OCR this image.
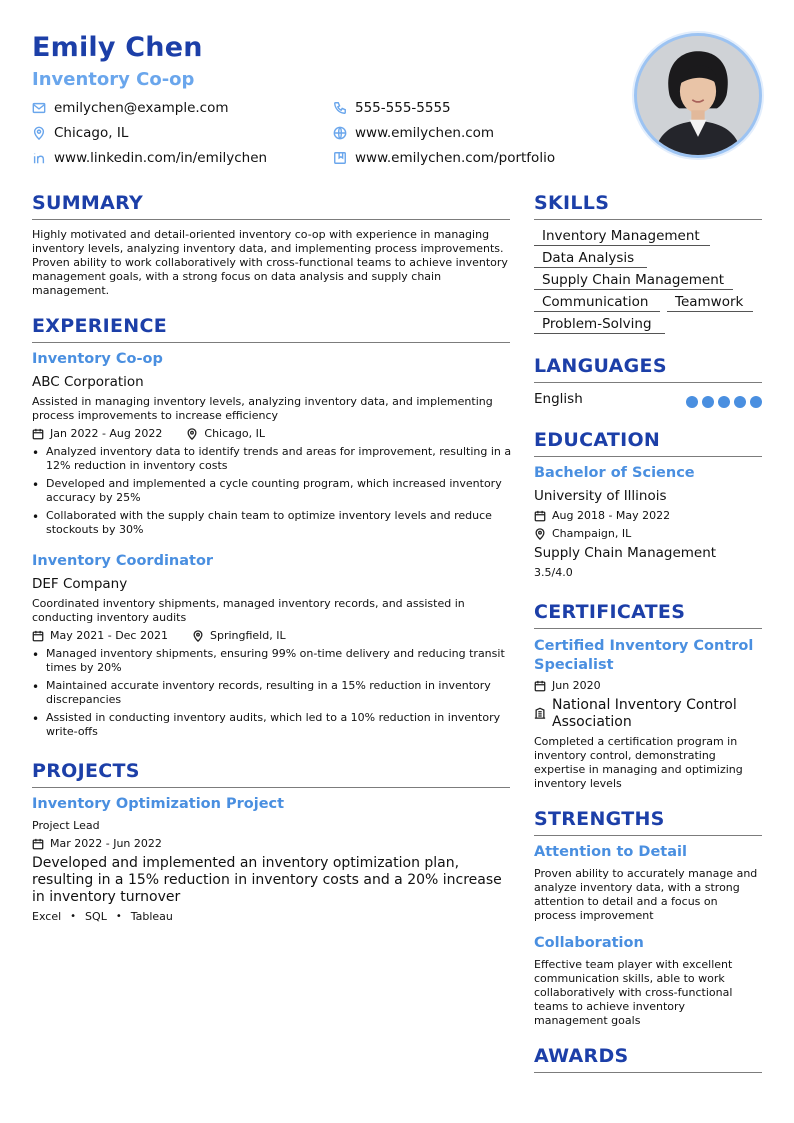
Emily Chen
Inventory Co-op
emilychen@example.com	555-555-5555
Chicago, IL	www.emilychen.com
www.linkedin.com/in/emilychen	www.emilychen.com/portfolio
SUMMARY
Highly motivated and detail-oriented inventory co-op with experience in managing inventory levels, analyzing inventory data, and implementing process improvements. Proven ability to work collaboratively with cross-functional teams to achieve inventory management goals, with a strong focus on data analysis and supply chain management.
EXPERIENCE
Inventory Co-op
ABC Corporation
Assisted in managing inventory levels, analyzing inventory data, and implementing process improvements to increase efficiency
Jan 2022 - Aug 2022	Chicago, IL
• Analyzed inventory data to identify trends and areas for improvement, resulting in a 12% reduction in inventory costs
• Developed and implemented a cycle counting program, which increased inventory accuracy by 25%
• Collaborated with the supply chain team to optimize inventory levels and reduce stockouts by 30%
Inventory Coordinator
DEF Company
Coordinated inventory shipments, managed inventory records, and assisted in conducting inventory audits
May 2021 - Dec 2021	Springfield, IL
• Managed inventory shipments, ensuring 99% on-time delivery and reducing transit times by 20%
• Maintained accurate inventory records, resulting in a 15% reduction in inventory discrepancies
• Assisted in conducting inventory audits, which led to a 10% reduction in inventory write-offs
PROJECTS
Inventory Optimization Project
Project Lead
Mar 2022 - Jun 2022
Developed and implemented an inventory optimization plan, resulting in a 15% reduction in inventory costs and a 20% increase in inventory turnover
Excel • SQL • Tableau
SKILLS
Inventory Management
Data Analysis
Supply Chain Management
Communication	Teamwork
Problem-Solving
LANGUAGES
English
EDUCATION
Bachelor of Science
University of Illinois
Aug 2018 - May 2022
Champaign, IL
Supply Chain Management
3.5/4.0
CERTIFICATES
Certified Inventory Control Specialist
Jun 2020
National Inventory Control Association
Completed a certification program in inventory control, demonstrating expertise in managing and optimizing inventory levels
STRENGTHS
Attention to Detail
Proven ability to accurately manage and analyze inventory data, with a strong attention to detail and a focus on process improvement
Collaboration
Effective team player with excellent communication skills, able to work collaboratively with cross-functional teams to achieve inventory management goals
AWARDS
